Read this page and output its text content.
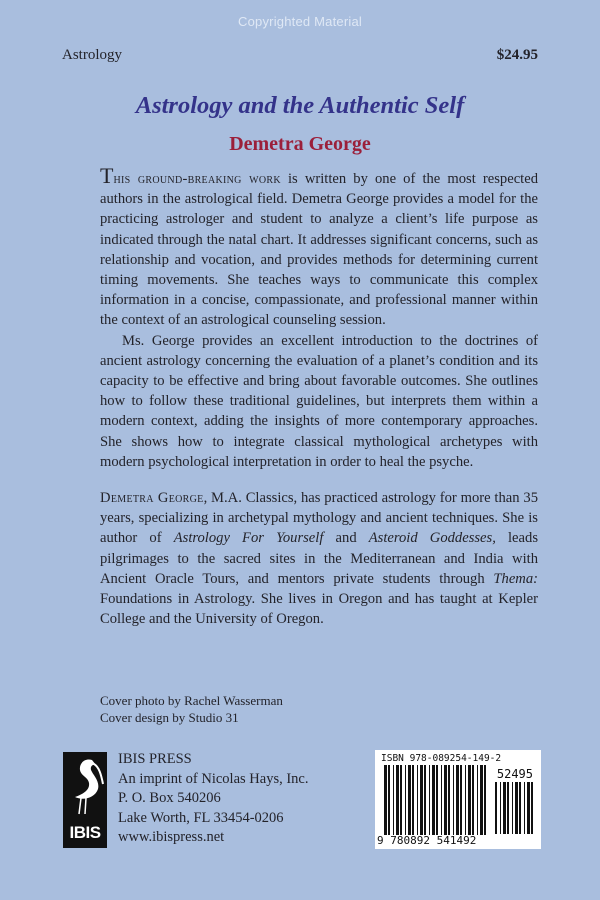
Copyrighted Material
Astrology	$24.95
Astrology and the Authentic Self
Demetra George

This ground-breaking work is written by one of the most respected authors in the astrological field. Demetra George provides a model for the practicing astrologer and student to analyze a client’s life purpose as indicated through the natal chart. It addresses significant concerns, such as relationship and vocation, and provides methods for determining current timing movements. She teaches ways to communicate this complex information in a concise, compassionate, and professional manner within the context of an astrological counseling session.

Ms. George provides an excellent introduction to the doctrines of ancient astrology concerning the evaluation of a planet’s condition and its capacity to be effective and bring about favorable outcomes. She outlines how to follow these traditional guidelines, but interprets them within a modern context, adding the insights of more contemporary approaches. She shows how to integrate classical mythological archetypes with modern psychological interpretation in order to heal the psyche.

Demetra George, M.A. Classics, has practiced astrology for more than 35 years, specializing in archetypal mythology and ancient techniques. She is author of Astrology For Yourself and Asteroid Goddesses, leads pilgrimages to the sacred sites in the Mediterranean and India with Ancient Oracle Tours, and mentors private students through Thema: Foundations in Astrology. She lives in Oregon and has taught at Kepler College and the University of Oregon.

Cover photo by Rachel Wasserman
Cover design by Studio 31
IBIS
IBIS PRESS
An imprint of Nicolas Hays, Inc.
P. O. Box 540206
Lake Worth, FL 33454-0206
www.ibispress.net
ISBN 978-089254-149-2
52495
9 780892 541492
